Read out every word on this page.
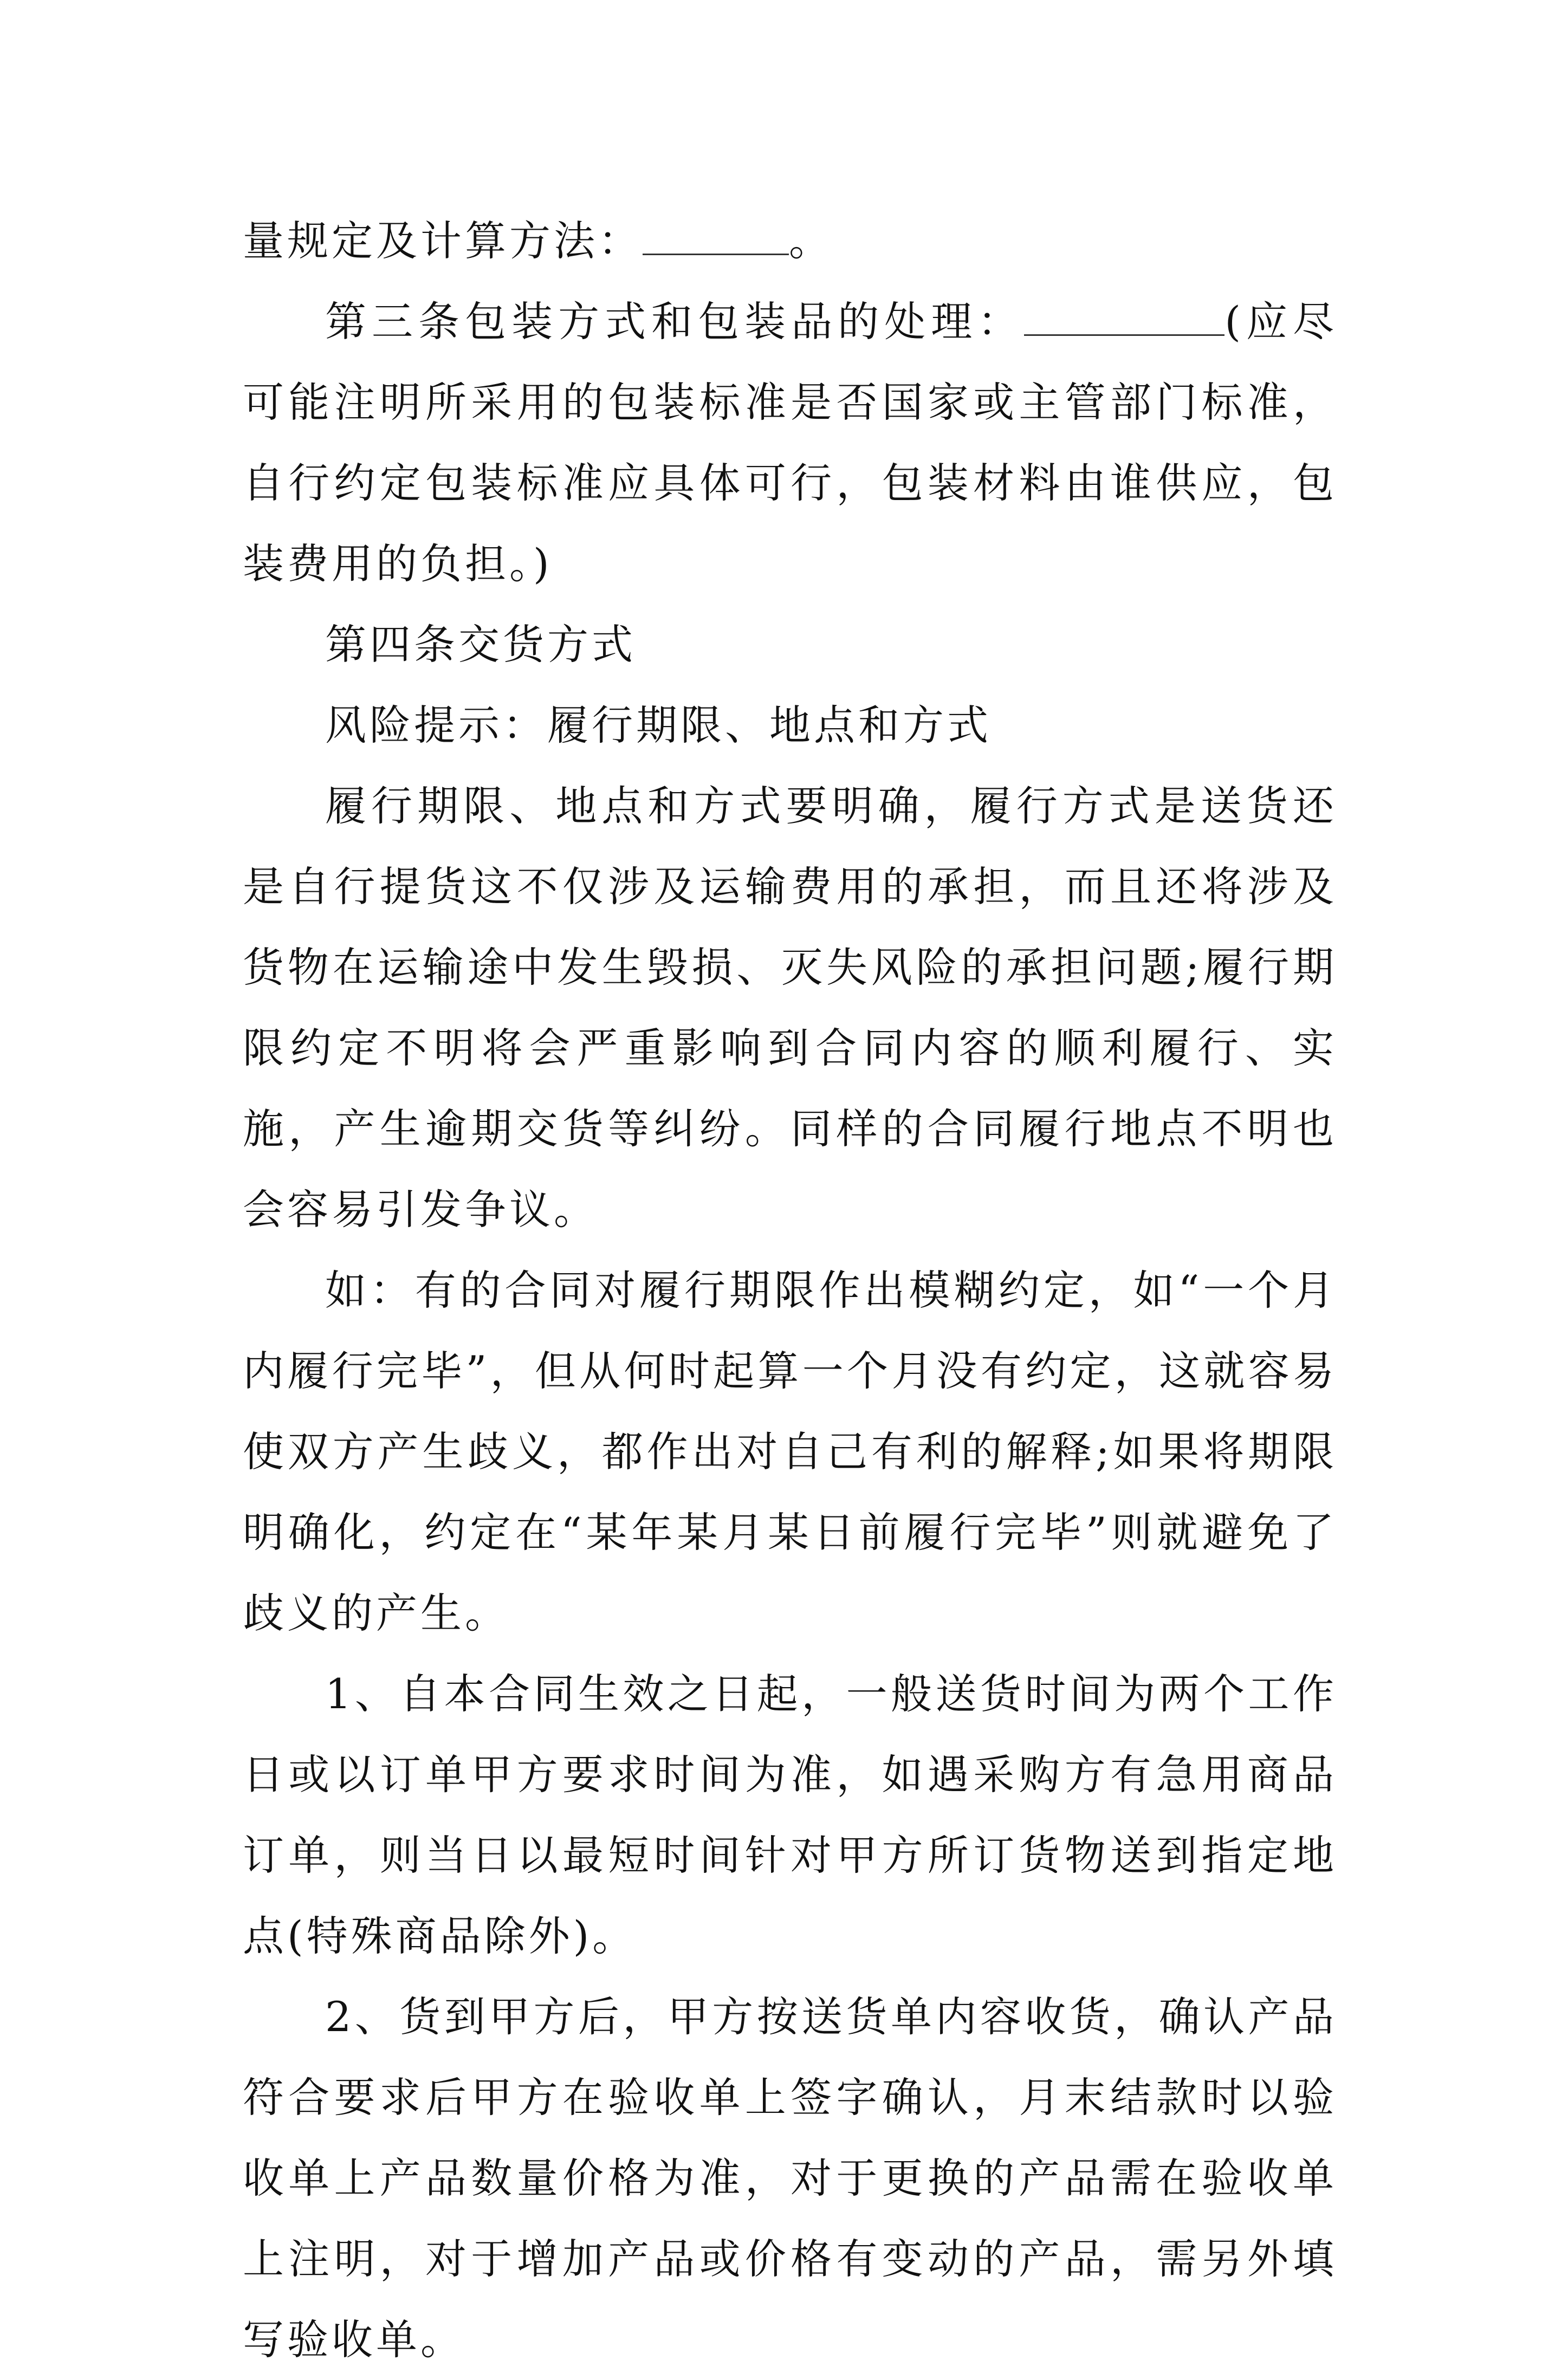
量规定及计算方法：	。

第三条包装方式和包装品的处理：	(应尽可能注明所采用的包装标准是否国家或主管部门标准，自行约定包装标准应具体可行，包装材料由谁供应，包装费用的负担。)

第四条交货方式

风险提示：履行期限、地点和方式

履行期限、地点和方式要明确，履行方式是送货还是自行提货这不仅涉及运输费用的承担，而且还将涉及货物在运输途中发生毁损、灭失风险的承担问题;履行期限约定不明将会严重影响到合同内容的顺利履行、实施，产生逾期交货等纠纷。同样的合同履行地点不明也会容易引发争议。

如：有的合同对履行期限作出模糊约定，如“一个月内履行完毕”，但从何时起算一个月没有约定，这就容易使双方产生歧义，都作出对自己有利的解释;如果将期限明确化，约定在“某年某月某日前履行完毕”则就避免了歧义的产生。

1、自本合同生效之日起，一般送货时间为两个工作日或以订单甲方要求时间为准，如遇采购方有急用商品订单，则当日以最短时间针对甲方所订货物送到指定地点(特殊商品除外)。

2、货到甲方后，甲方按送货单内容收货，确认产品符合要求后甲方在验收单上签字确认，月末结款时以验收单上产品数量价格为准，对于更换的产品需在验收单上注明，对于增加产品或价格有变动的产品，需另外填写验收单。
